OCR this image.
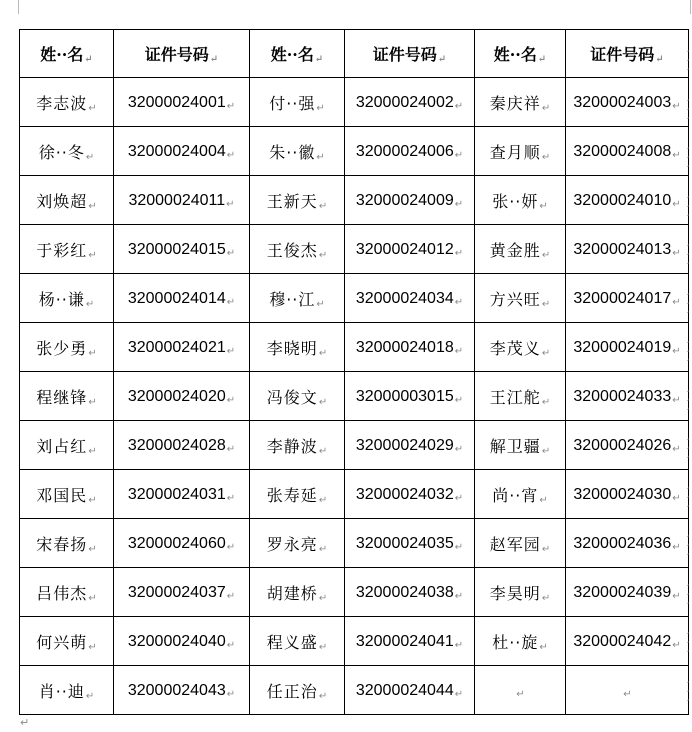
姓··名↵	证件号码↵	姓··名↵	证件号码↵	姓··名↵	证件号码↵
李志波↵	32000024001↵	付··强↵	32000024002↵	秦庆祥↵	32000024003↵
徐··冬↵	32000024004↵	朱··徽↵	32000024006↵	查月顺↵	32000024008↵
刘焕超↵	32000024011↵	王新天↵	32000024009↵	张··妍↵	32000024010↵
于彩红↵	32000024015↵	王俊杰↵	32000024012↵	黄金胜↵	32000024013↵
杨··谦↵	32000024014↵	穆··江↵	32000024034↵	方兴旺↵	32000024017↵
张少勇↵	32000024021↵	李晓明↵	32000024018↵	李茂义↵	32000024019↵
程继锋↵	32000024020↵	冯俊文↵	32000003015↵	王江舵↵	32000024033↵
刘占红↵	32000024028↵	李静波↵	32000024029↵	解卫疆↵	32000024026↵
邓国民↵	32000024031↵	张寿延↵	32000024032↵	尚··宵↵	32000024030↵
宋春扬↵	32000024060↵	罗永亮↵	32000024035↵	赵军园↵	32000024036↵
吕伟杰↵	32000024037↵	胡建桥↵	32000024038↵	李昊明↵	32000024039↵
何兴萌↵	32000024040↵	程义盛↵	32000024041↵	杜··旋↵	32000024042↵
肖··迪↵	32000024043↵	任正治↵	32000024044↵	↵	↵
¸
¸
¸
¸
¸
¸
¸
¸
¸
¸
¸
¸
¸
¸
¸
¸
¸
¸
¸
¸
¸
¸
¸
¸
¸
¸
¸
¸
¸
¸
¸
¸
¸
¸
¸
¸
¸
¸
¸
¸
¸
¸
↵
